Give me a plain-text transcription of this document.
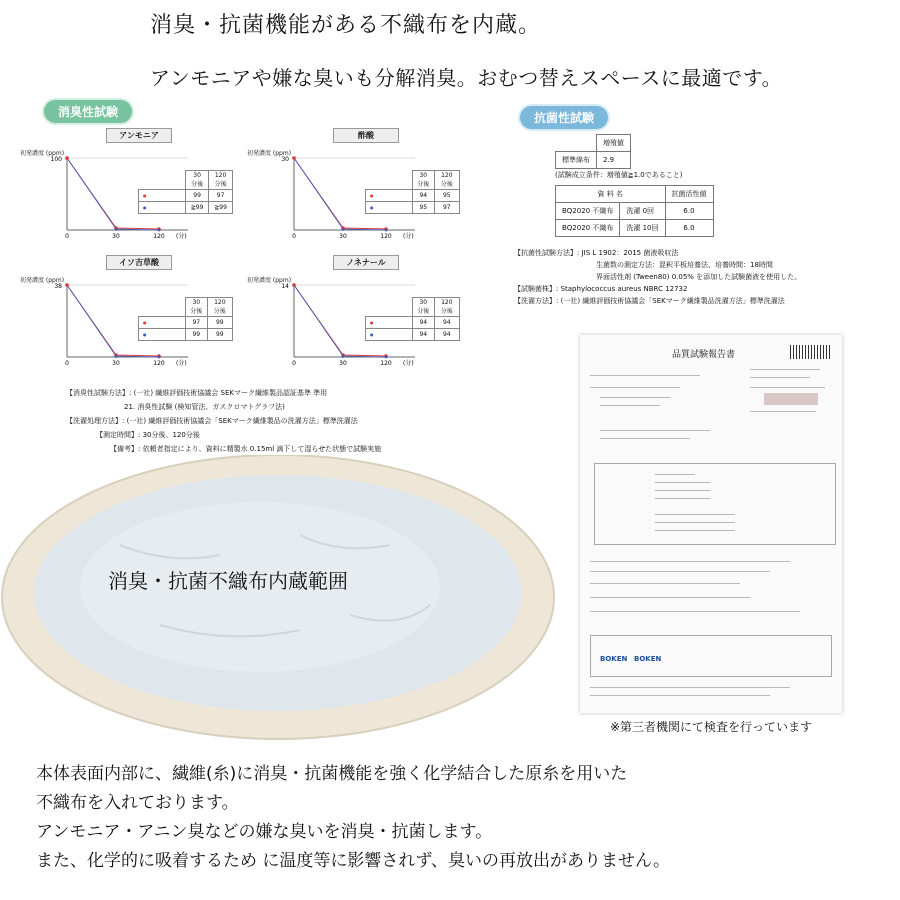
消臭・抗菌機能がある不織布を内蔵。
アンモニアや嫌な臭いも分解消臭。おむつ替えスペースに最適です。
消臭性試験
アンモニア
初発濃度 (ppm)
100
0	30	120 (分)
	30 分後	120 分後
●	99	97
●	≧99	≧99
酢酸
初発濃度 (ppm)
30
0	30	120 (分)
	30 分後	120 分後
●	94	95
●	95	97
イソ吉草酸
初発濃度 (ppm)
38
0	30	120 (分)
	30 分後	120 分後
●	97	99
●	99	99
ノネナール
初発濃度 (ppm)
14
0	30	120 (分)
	30 分後	120 分後
●	94	94
●	94	94
【消臭性試験方法】: (一社) 繊維評価技術協議会 SEKマーク繊維製品認証基準 準用
21. 消臭性試験 (検知管法、ガスクロマトグラフ法)
【洗濯処理方法】: (一社) 繊維評価技術協議会「SEKマーク繊維製品の洗濯方法」標準洗濯法
【測定時間】: 30分後、120分後
【備考】: 依頼者指定により、資料に精製水 0.15ml 滴下して湿らせた状態で試験実施
抗菌性試験
	増殖値
標準綿布	2.9
(試験成立条件：増殖値≧1.0であること)
資 料 名		抗菌活性値
BQ2020 不織布	洗濯 0回	6.0
BQ2020 不織布	洗濯 10回	6.0
【抗菌性試験方法】: JIS L 1902：2015 菌液吸収法
生菌数の測定方法：混釈平板培養法、培養時間：18時間
界面活性剤 (Tween80) 0.05% を添加した試験菌液を使用した。
【試験菌株】: Staphylococcus aureus NBRC 12732
【洗濯方法】: (一社) 繊維評価技術協議会「SEKマーク繊維製品洗濯方法」標準洗濯法
品質試験報告書
BOKEN BOKEN
※第三者機関にて検査を行っています
消臭・抗菌不織布内蔵範囲
本体表面内部に、繊維(糸)に消臭・抗菌機能を強く化学結合した原糸を用いた
不織布を入れております。
アンモニア・アニン臭などの嫌な臭いを消臭・抗菌します。
また、化学的に吸着するため に温度等に影響されず、臭いの再放出がありません。
